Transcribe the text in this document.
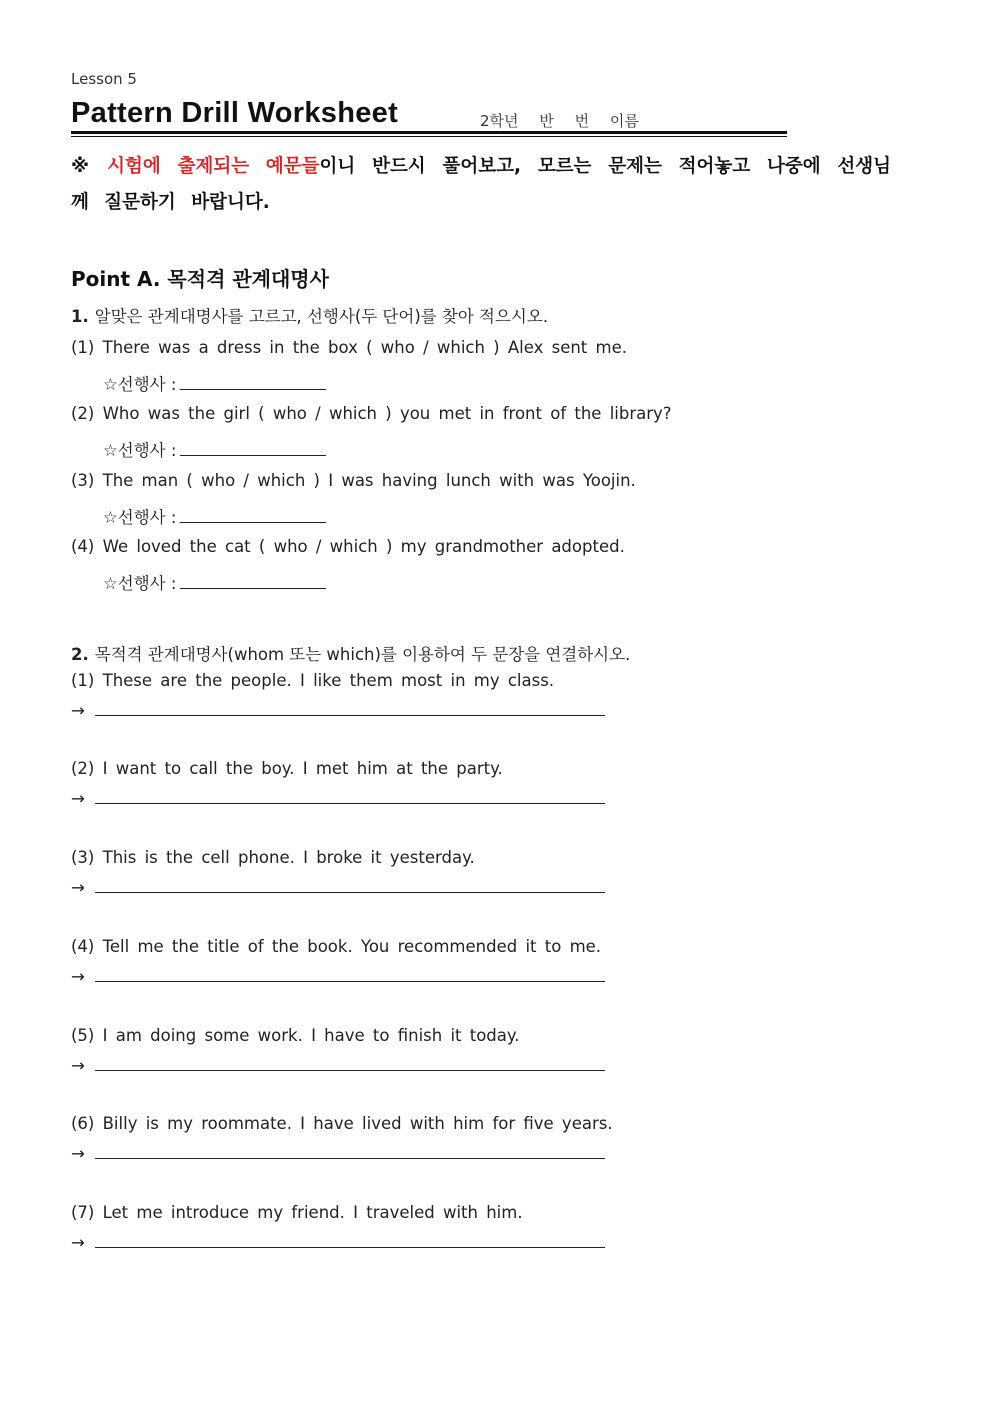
Lesson 5
Pattern Drill Worksheet	2학년 반 번 이름
※ 시험에 출제되는 예문들이니 반드시 풀어보고, 모르는 문제는 적어놓고 나중에 선생님께 질문하기 바랍니다.
Point A. 목적격 관계대명사
1. 알맞은 관계대명사를 고르고, 선행사(두 단어)를 찾아 적으시오.
(1) There was a dress in the box ( who / which ) Alex sent me.
☆선행사 :
(2) Who was the girl ( who / which ) you met in front of the library?
☆선행사 :
(3) The man ( who / which ) I was having lunch with was Yoojin.
☆선행사 :
(4) We loved the cat ( who / which ) my grandmother adopted.
☆선행사 :
2. 목적격 관계대명사(whom 또는 which)를 이용하여 두 문장을 연결하시오.
(1) These are the people. I like them most in my class.
→
(2) I want to call the boy. I met him at the party.
→
(3) This is the cell phone. I broke it yesterday.
→
(4) Tell me the title of the book. You recommended it to me.
→
(5) I am doing some work. I have to finish it today.
→
(6) Billy is my roommate. I have lived with him for five years.
→
(7) Let me introduce my friend. I traveled with him.
→
